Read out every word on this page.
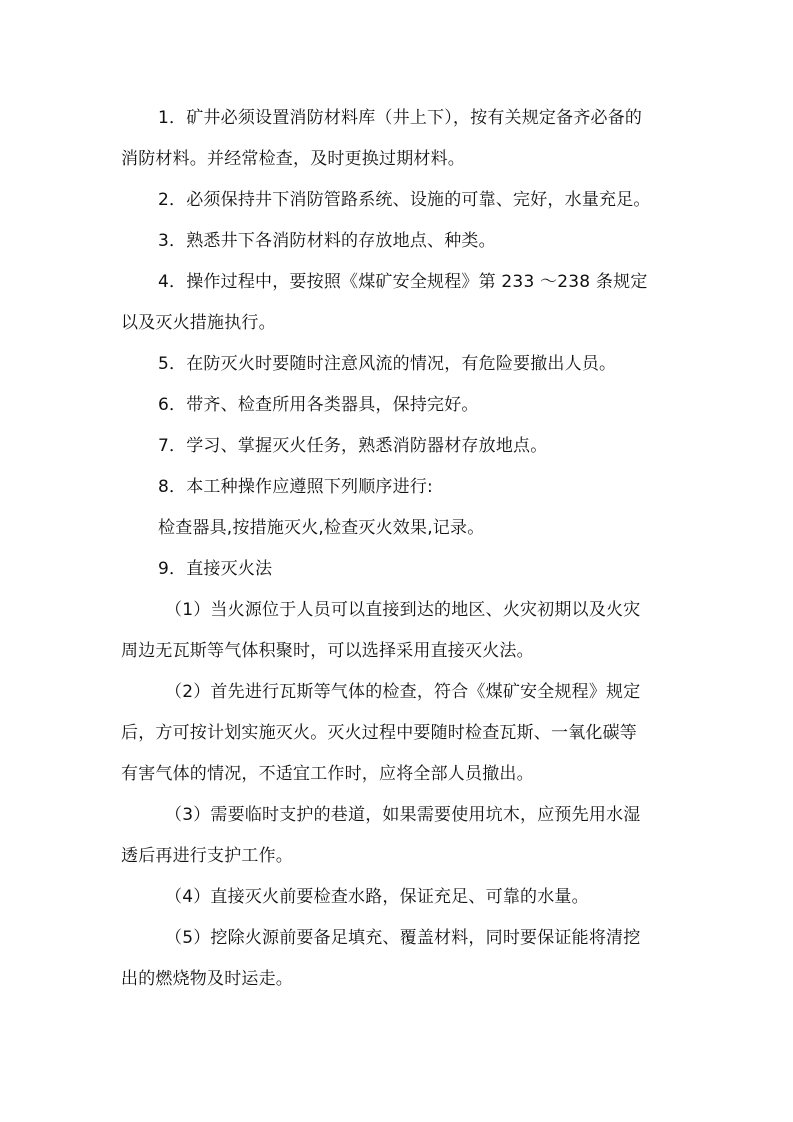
1．矿井必须设置消防材料库（井上下），按有关规定备齐必备的
消防材料。并经常检查，及时更换过期材料。
2．必须保持井下消防管路系统、设施的可靠、完好，水量充足。
3．熟悉井下各消防材料的存放地点、种类。
4．操作过程中，要按照《煤矿安全规程》第 233 ～238 条规定
以及灭火措施执行。
5．在防灭火时要随时注意风流的情况，有危险要撤出人员。
6．带齐、检查所用各类器具，保持完好。
7．学习、掌握灭火任务，熟悉消防器材存放地点。
8．本工种操作应遵照下列顺序进行:
检查器具,按措施灭火,检查灭火效果,记录。
9．直接灭火法
（1）当火源位于人员可以直接到达的地区、火灾初期以及火灾
周边无瓦斯等气体积聚时，可以选择采用直接灭火法。
（2）首先进行瓦斯等气体的检查，符合《煤矿安全规程》规定
后，方可按计划实施灭火。灭火过程中要随时检查瓦斯、一氧化碳等
有害气体的情况，不适宜工作时，应将全部人员撤出。
（3）需要临时支护的巷道，如果需要使用坑木，应预先用水湿
透后再进行支护工作。
（4）直接灭火前要检查水路，保证充足、可靠的水量。
（5）挖除火源前要备足填充、覆盖材料，同时要保证能将清挖
出的燃烧物及时运走。
